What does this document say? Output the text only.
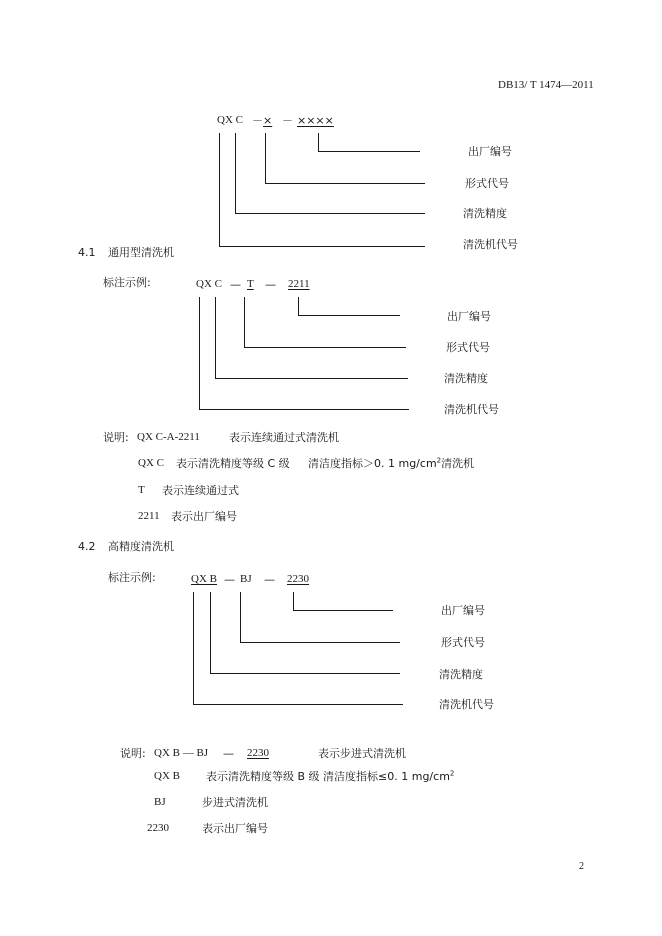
DB13/ T 1474—2011
QX C － × － ××××
出厂编号
形式代号
清洗精度
清洗机代号
4.1 通用型清洗机
标注示例:	QX C — T — 2211
出厂编号
形式代号
清洗精度
清洗机代号
说明: QX C-A-2211	表示连续通过式清洗机
QX C 表示清洗精度等级 C 级 清洁度指标＞0. 1 $mg/cm^2$清洗机
T 表示连续通过式
2211 表示出厂编号
4.2 高精度清洗机
标注示例:	QX B — BJ — 2230
出厂编号
形式代号
清洗精度
清洗机代号
说明: QX B — BJ — 2230	表示步进式清洗机
QX B 表示清洗精度等级 B 级 清洁度指标≤0. 1 $mg/cm^2$
BJ	步进式清洗机
2230	表示出厂编号
2
